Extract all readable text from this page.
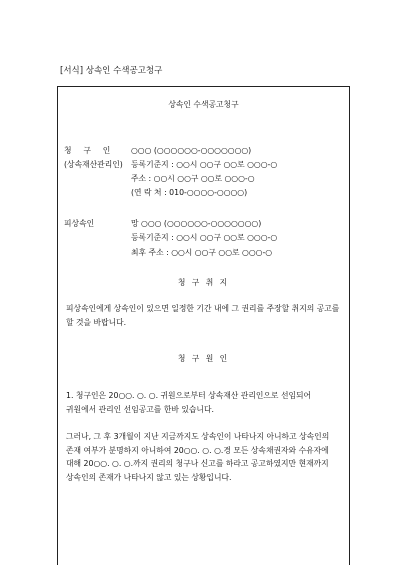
[서식] 상속인 수색공고청구
상속인 수색공고청구
청 구 인 ○○○ (○○○○○○-○○○○○○○)
(상속재산관리인) 등록기준지 : ○○시 ○○구 ○○로 ○○○-○
주소 : ○○시 ○○구 ○○로 ○○○-○
(연 락 처 : 010-○○○○-○○○○)
피상속인	망 ○○○ (○○○○○○-○○○○○○○)
등록기준지 : ○○시 ○○구 ○○로 ○○○-○
최후 주소 : ○○시 ○○구 ○○로 ○○○-○
청 구 취 지
피상속인에게 상속인이 있으면 일정한 기간 내에 그 권리를 주장할 취지의 공고를 할 것을 바랍니다.
청 구 원 인
1. 청구인은 20○○. ○. ○. 귀원으로부터 상속재산 관리인으로 선임되어 귀원에서 관리인 선임공고를 한바 있습니다.
그러나, 그 후 3개월이 지난 지금까지도 상속인이 나타나지 아니하고 상속인의 존재 여부가 분명하지 아니하여 20○○. ○. ○.경 모든 상속채권자와 수유자에 대해 20○○. ○. ○.까지 권리의 청구나 신고를 하라고 공고하였지만 현재까지 상속인의 존재가 나타나지 않고 있는 상황입니다.
